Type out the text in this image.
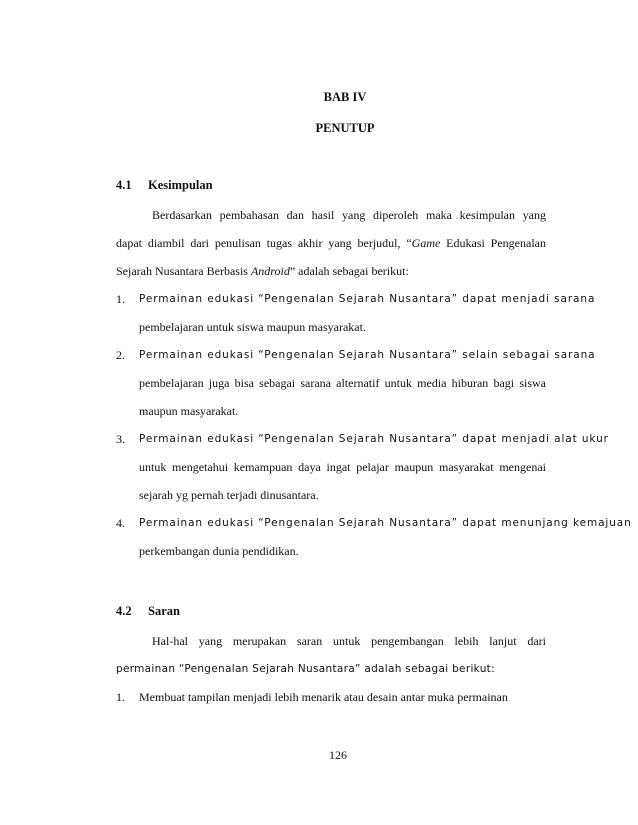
BAB IV
PENUTUP
4.1 Kesimpulan
Berdasarkan pembahasan dan hasil yang diperoleh maka kesimpulan yang
dapat diambil dari penulisan tugas akhir yang berjudul, “Game Edukasi Pengenalan
Sejarah Nusantara Berbasis Android” adalah sebagai berikut:
1. Permainan edukasi “Pengenalan Sejarah Nusantara” dapat menjadi sarana
pembelajaran untuk siswa maupun masyarakat.
2. Permainan edukasi “Pengenalan Sejarah Nusantara” selain sebagai sarana
pembelajaran juga bisa sebagai sarana alternatif untuk media hiburan bagi siswa
maupun masyarakat.
3. Permainan edukasi “Pengenalan Sejarah Nusantara” dapat menjadi alat ukur
untuk mengetahui kemampuan daya ingat pelajar maupun masyarakat mengenai
sejarah yg pernah terjadi dinusantara.
4. Permainan edukasi “Pengenalan Sejarah Nusantara” dapat menunjang kemajuan
perkembangan dunia pendidikan.
4.2 Saran
Hal-hal yang merupakan saran untuk pengembangan lebih lanjut dari
permainan “Pengenalan Sejarah Nusantara” adalah sebagai berikut:
1. Membuat tampilan menjadi lebih menarik atau desain antar muka permainan
126
